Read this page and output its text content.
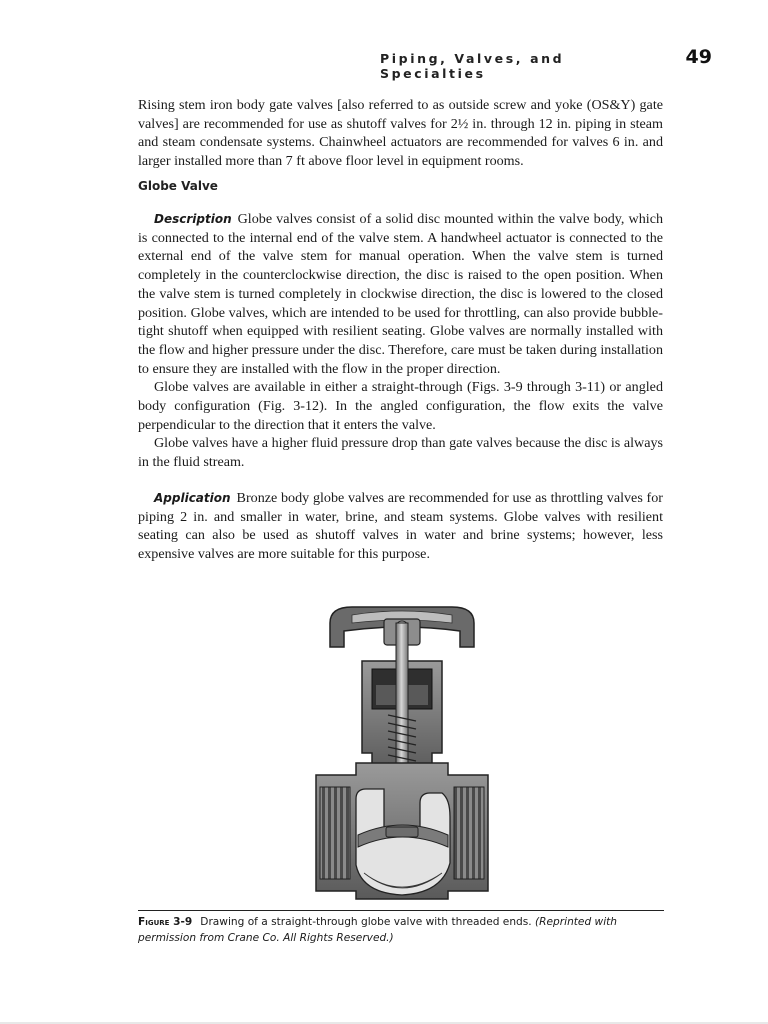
Piping, Valves, and Specialties
49

Rising stem iron body gate valves [also referred to as outside screw and yoke (OS&Y) gate valves] are recommended for use as shutoff valves for 2½ in. through 12 in. piping in steam and steam condensate systems. Chainwheel actuators are recommended for valves 6 in. and larger installed more than 7 ft above floor level in equipment rooms.

Globe Valve

Description Globe valves consist of a solid disc mounted within the valve body, which is connected to the internal end of the valve stem. A handwheel actuator is connected to the external end of the valve stem for manual operation. When the valve stem is turned completely in the counterclockwise direction, the disc is raised to the open position. When the valve stem is turned completely in clockwise direction, the disc is lowered to the closed position. Globe valves, which are intended to be used for throttling, can also provide bubble-tight shutoff when equipped with resilient seating. Globe valves are normally installed with the flow and higher pressure under the disc. Therefore, care must be taken during installation to ensure they are installed with the flow in the proper direction.

Globe valves are available in either a straight-through (Figs. 3-9 through 3-11) or angled body configuration (Fig. 3-12). In the angled configuration, the flow exits the valve perpendicular to the direction that it enters the valve.

Globe valves have a higher fluid pressure drop than gate valves because the disc is always in the fluid stream.

Application Bronze body globe valves are recommended for use as throttling valves for piping 2 in. and smaller in water, brine, and steam systems. Globe valves with resilient seating can also be used as shutoff valves in water and brine systems; however, less expensive valves are more suitable for this purpose.

Figure 3-9 Drawing of a straight-through globe valve with threaded ends. (Reprinted with permission from Crane Co. All Rights Reserved.)
